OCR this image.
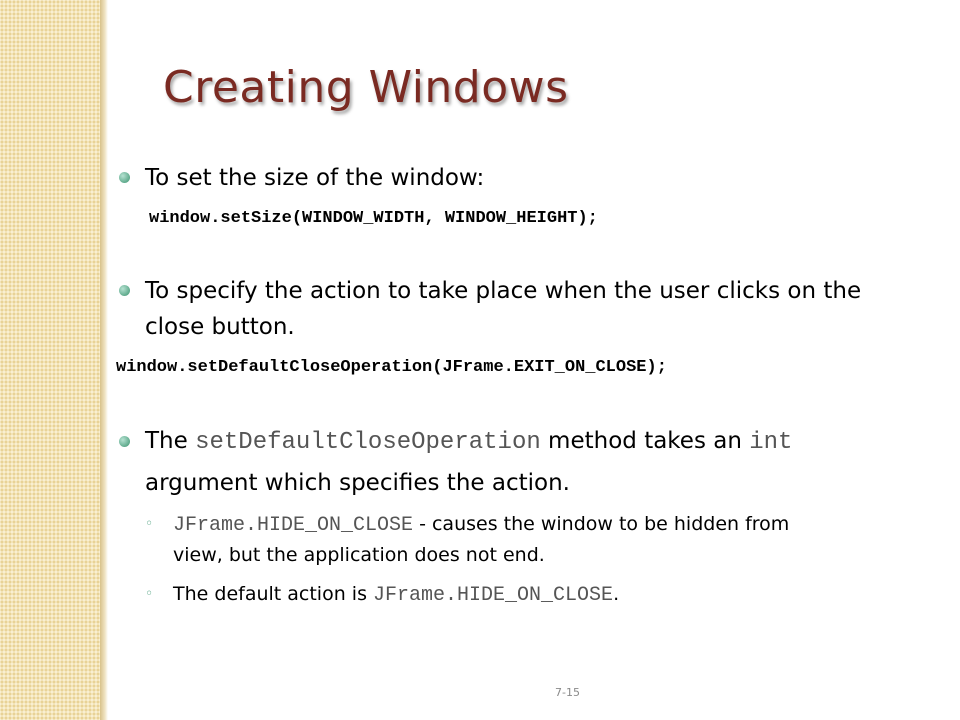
Creating Windows
To set the size of the window:
window.setSize(WINDOW_WIDTH, WINDOW_HEIGHT);
To specify the action to take place when the user clicks on the
close button.
window.setDefaultCloseOperation(JFrame.EXIT_ON_CLOSE);
The setDefaultCloseOperation method takes an int
argument which specifies the action.
◦ JFrame.HIDE_ON_CLOSE - causes the window to be hidden from
view, but the application does not end.
◦ The default action is JFrame.HIDE_ON_CLOSE.
7-15
